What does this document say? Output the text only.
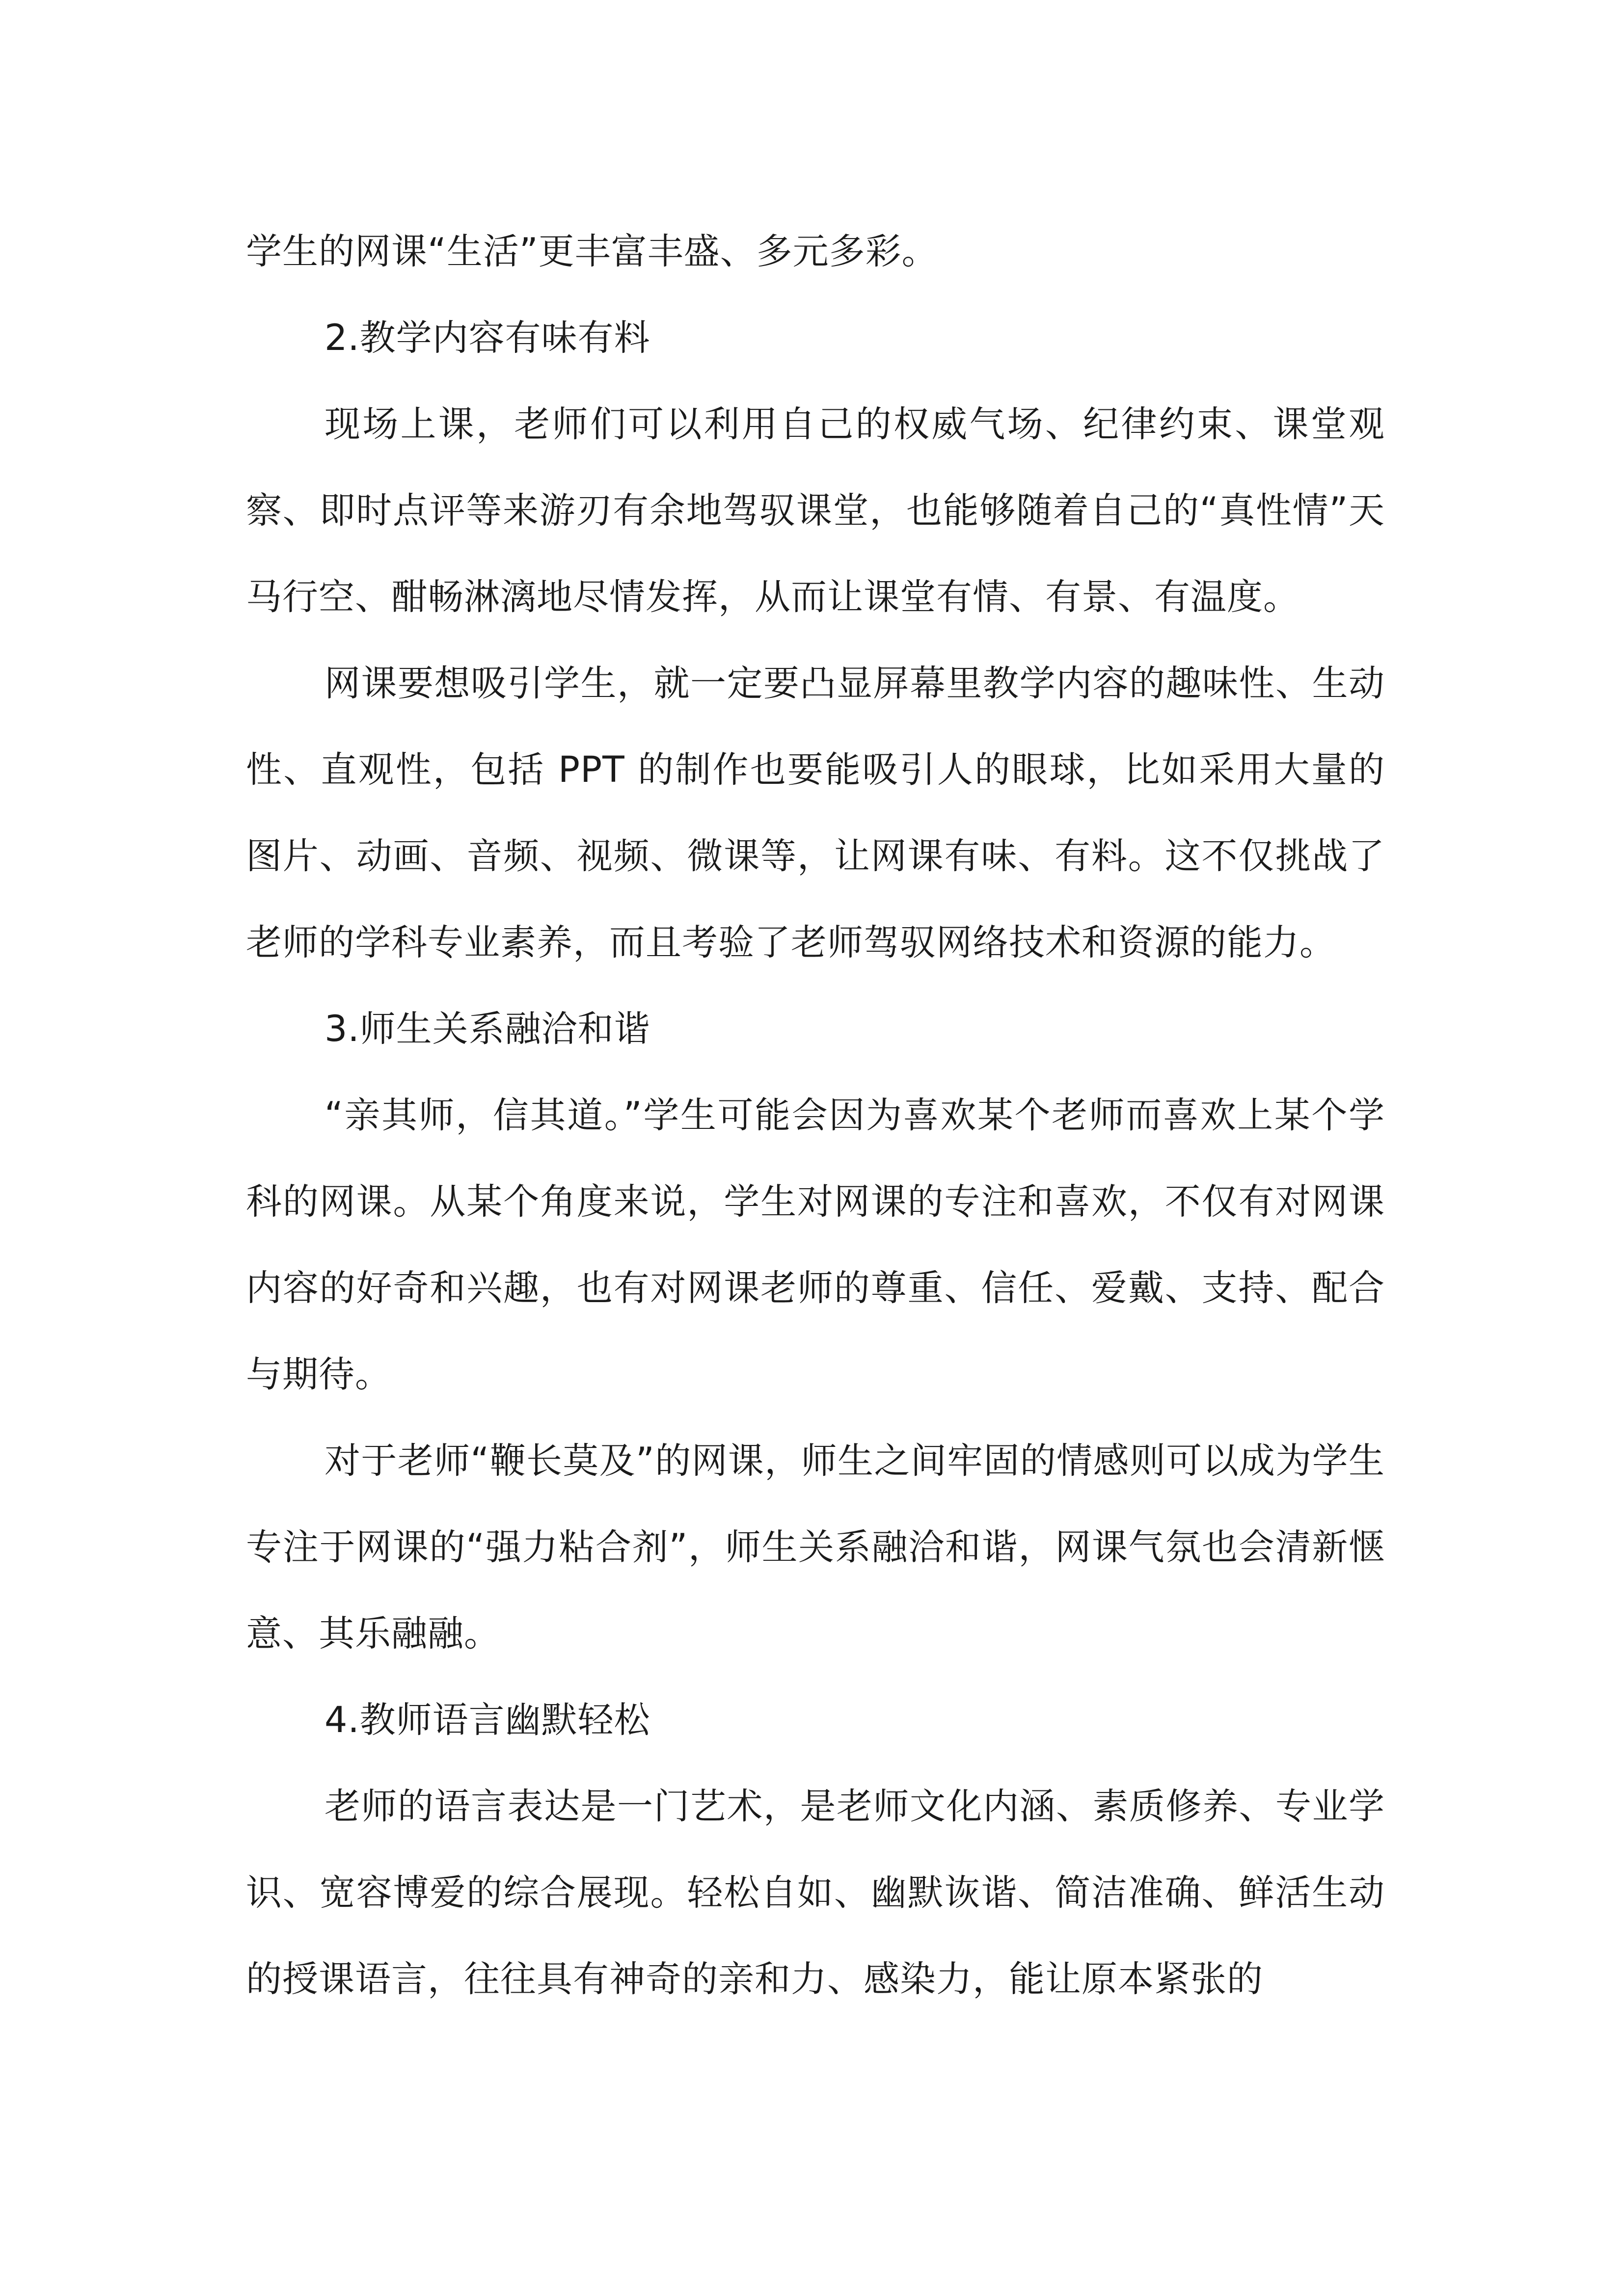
学生的网课“生活”更丰富丰盛、多元多彩。

2.教学内容有味有料

现场上课，老师们可以利用自己的权威气场、纪律约束、课堂观察、即时点评等来游刃有余地驾驭课堂，也能够随着自己的“真性情”天马行空、酣畅淋漓地尽情发挥，从而让课堂有情、有景、有温度。

网课要想吸引学生，就一定要凸显屏幕里教学内容的趣味性、生动性、直观性，包括 PPT 的制作也要能吸引人的眼球，比如采用大量的图片、动画、音频、视频、微课等，让网课有味、有料。这不仅挑战了老师的学科专业素养，而且考验了老师驾驭网络技术和资源的能力。

3.师生关系融洽和谐

“亲其师，信其道。”学生可能会因为喜欢某个老师而喜欢上某个学科的网课。从某个角度来说，学生对网课的专注和喜欢，不仅有对网课内容的好奇和兴趣，也有对网课老师的尊重、信任、爱戴、支持、配合与期待。

对于老师“鞭长莫及”的网课，师生之间牢固的情感则可以成为学生专注于网课的“强力粘合剂”，师生关系融洽和谐，网课气氛也会清新惬意、其乐融融。

4.教师语言幽默轻松

老师的语言表达是一门艺术，是老师文化内涵、素质修养、专业学识、宽容博爱的综合展现。轻松自如、幽默诙谐、简洁准确、鲜活生动的授课语言，往往具有神奇的亲和力、感染力，能让原本紧张的
